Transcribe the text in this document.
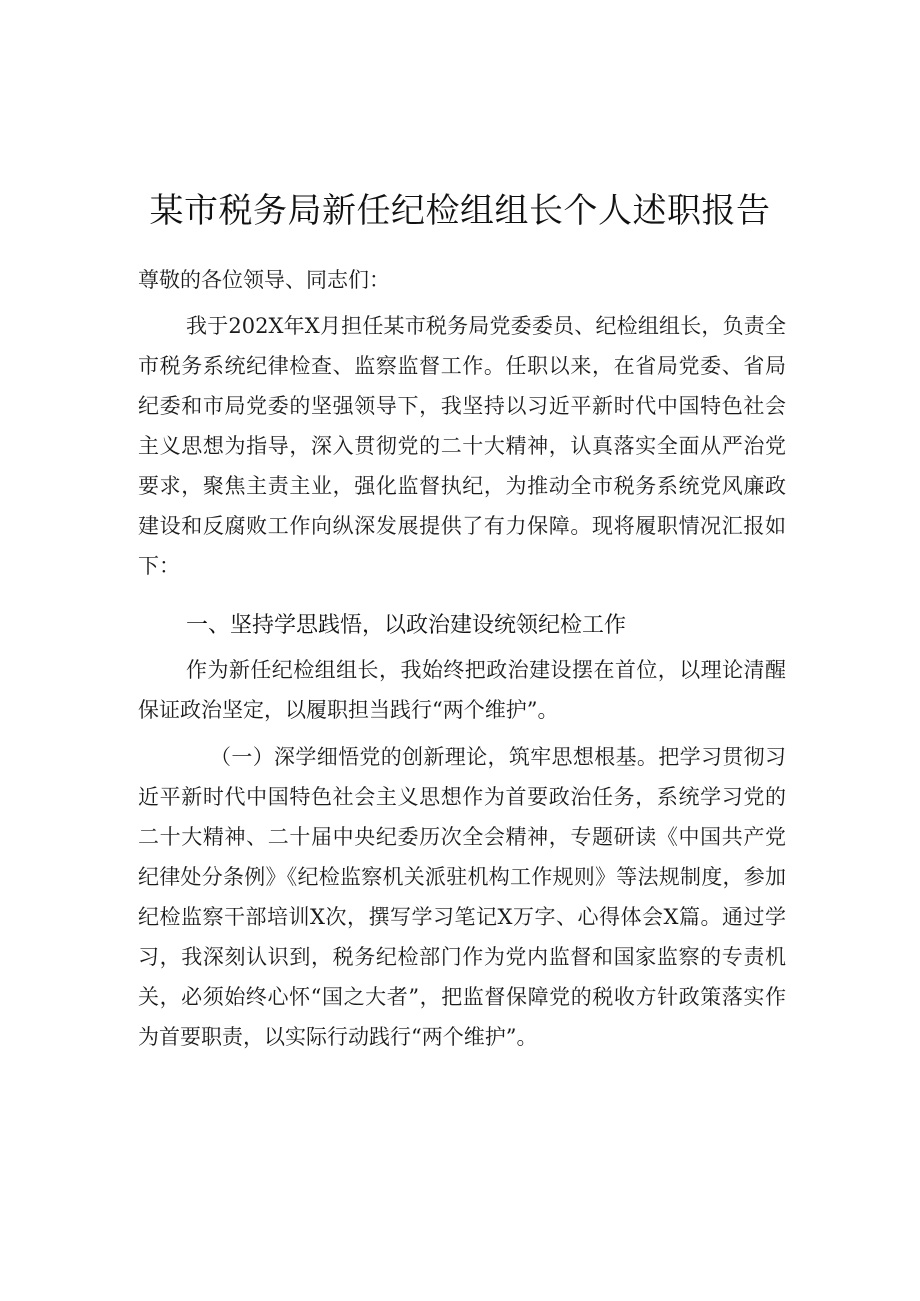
某市税务局新任纪检组组长个人述职报告

尊敬的各位领导、同志们：

我于202X年X月担任某市税务局党委委员、纪检组组长，负责全市税务系统纪律检查、监察监督工作。任职以来，在省局党委、省局纪委和市局党委的坚强领导下，我坚持以习近平新时代中国特色社会主义思想为指导，深入贯彻党的二十大精神，认真落实全面从严治党要求，聚焦主责主业，强化监督执纪，为推动全市税务系统党风廉政建设和反腐败工作向纵深发展提供了有力保障。现将履职情况汇报如下：

一、坚持学思践悟，以政治建设统领纪检工作

作为新任纪检组组长，我始终把政治建设摆在首位，以理论清醒保证政治坚定，以履职担当践行“两个维护”。

（一）深学细悟党的创新理论，筑牢思想根基。把学习贯彻习近平新时代中国特色社会主义思想作为首要政治任务，系统学习党的二十大精神、二十届中央纪委历次全会精神，专题研读《中国共产党纪律处分条例》《纪检监察机关派驻机构工作规则》等法规制度，参加纪检监察干部培训X次，撰写学习笔记X万字、心得体会X篇。通过学习，我深刻认识到，税务纪检部门作为党内监督和国家监察的专责机关，必须始终心怀“国之大者”，把监督保障党的税收方针政策落实作为首要职责，以实际行动践行“两个维护”。
